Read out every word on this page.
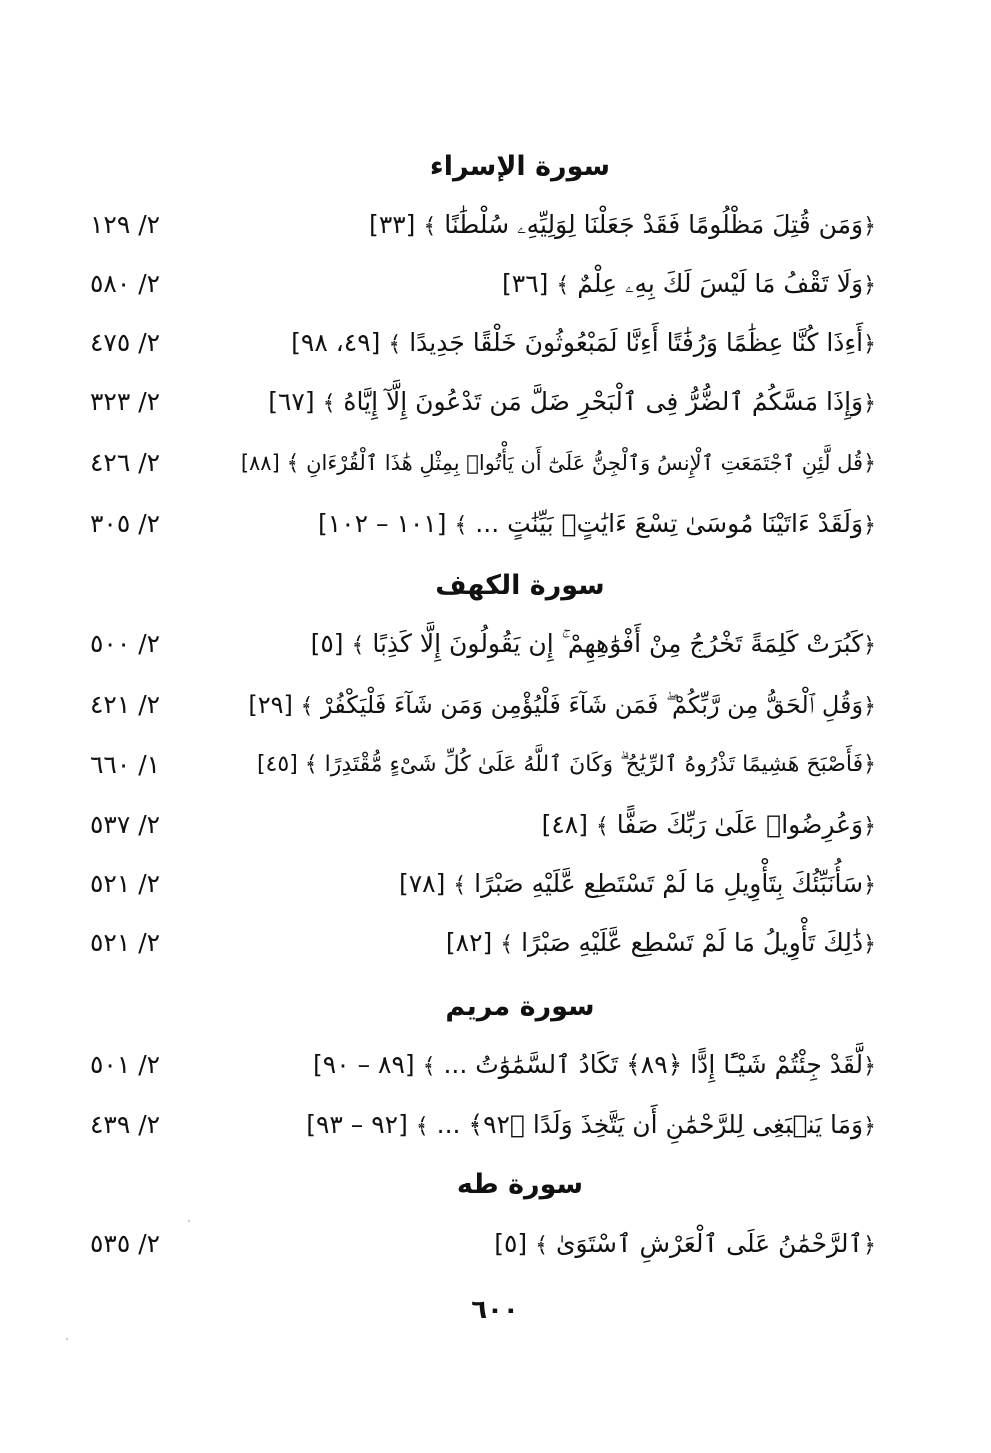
سورة الإسراء
﴿وَمَن قُتِلَ مَظْلُومًا فَقَدْ جَعَلْنَا لِوَلِيِّهِۦ سُلْطَٰنًا ﴾ [٣٣]
٢/ ١٢٩
﴿وَلَا تَقْفُ مَا لَيْسَ لَكَ بِهِۦ عِلْمٌ ﴾ [٣٦]
٢/ ٥٨٠
﴿أَءِذَا كُنَّا عِظَٰمًا وَرُفَٰتًا أَءِنَّا لَمَبْعُوثُونَ خَلْقًا جَدِيدًا ﴾ [٤٩، ٩٨]
٢/ ٤٧٥
﴿وَإِذَا مَسَّكُمُ ٱلضُّرُّ فِى ٱلْبَحْرِ ضَلَّ مَن تَدْعُونَ إِلَّآ إِيَّاهُ ﴾ [٦٧]
٢/ ٣٢٣
﴿قُل لَّئِنِ ٱجْتَمَعَتِ ٱلْإِنسُ وَٱلْجِنُّ عَلَىٰٓ أَن يَأْتُوا۟ بِمِثْلِ هَٰذَا ٱلْقُرْءَانِ ﴾ [٨٨]
٢/ ٤٢٦
﴿وَلَقَدْ ءَاتَيْنَا مُوسَىٰ تِسْعَ ءَايَٰتٍۭ بَيِّنَٰتٍ ... ﴾ [١٠١ – ١٠٢]
٢/ ٣٠٥
سورة الكهف
﴿كَبُرَتْ كَلِمَةً تَخْرُجُ مِنْ أَفْوَٰهِهِمْ ۚ إِن يَقُولُونَ إِلَّا كَذِبًا ﴾ [٥]
٢/ ٥٠٠
﴿وَقُلِ ٱلْحَقُّ مِن رَّبِّكُمْ ۖ فَمَن شَآءَ فَلْيُؤْمِن وَمَن شَآءَ فَلْيَكْفُرْ ﴾ [٢٩]
٢/ ٤٢١
﴿فَأَصْبَحَ هَشِيمًا تَذْرُوهُ ٱلرِّيَٰحُ ۗ وَكَانَ ٱللَّهُ عَلَىٰ كُلِّ شَىْءٍ مُّقْتَدِرًا ﴾ [٤٥]
١/ ٦٦٠
﴿وَعُرِضُوا۟ عَلَىٰ رَبِّكَ صَفًّا ﴾ [٤٨]
٢/ ٥٣٧
﴿سَأُنَبِّئُكَ بِتَأْوِيلِ مَا لَمْ تَسْتَطِع عَّلَيْهِ صَبْرًا ﴾ [٧٨]
٢/ ٥٢١
﴿ذَٰلِكَ تَأْوِيلُ مَا لَمْ تَسْطِع عَّلَيْهِ صَبْرًا ﴾ [٨٢]
٢/ ٥٢١
سورة مريم
﴿لَّقَدْ جِئْتُمْ شَيْـًٔا إِدًّا ﴿٨٩﴾ تَكَادُ ٱلسَّمَٰوَٰتُ ... ﴾ [٨٩ – ٩٠]
٢/ ٥٠١
﴿وَمَا يَنۢبَغِى لِلرَّحْمَٰنِ أَن يَتَّخِذَ وَلَدًا ﴿٩٢﴾ ... ﴾ [٩٢ – ٩٣]
٢/ ٤٣٩
سورة طه
﴿ٱلرَّحْمَٰنُ عَلَى ٱلْعَرْشِ ٱسْتَوَىٰ ﴾ [٥]
٢/ ٥٣٥
٦٠٠
